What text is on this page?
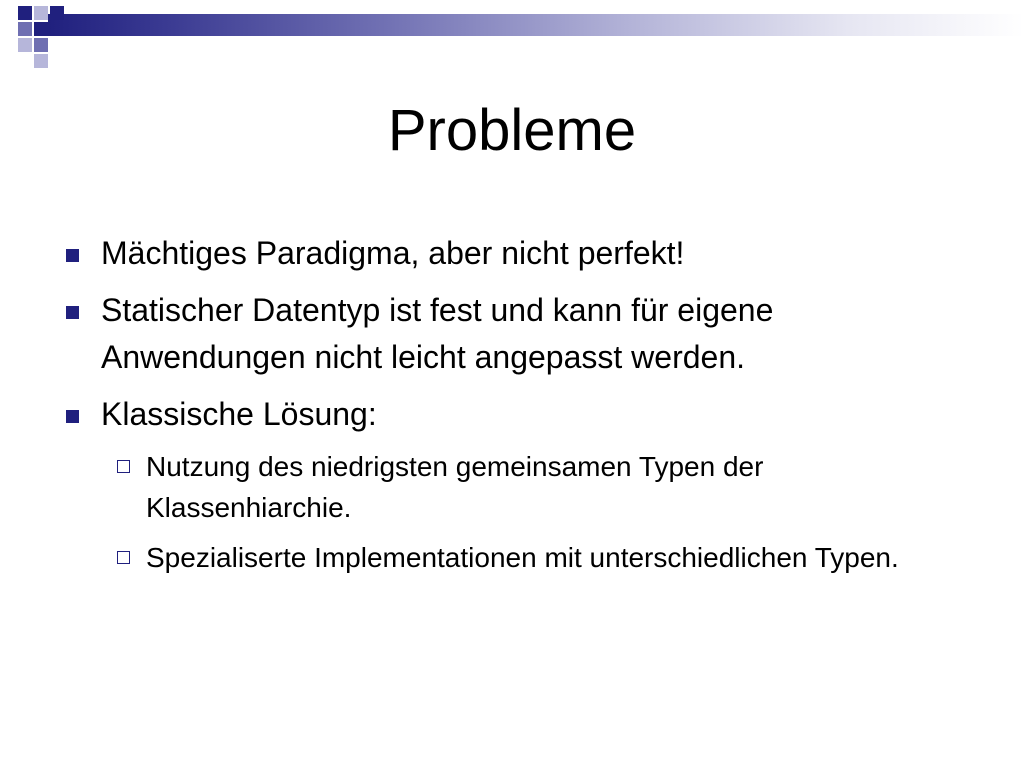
Probleme
Mächtiges Paradigma, aber nicht perfekt!
Statischer Datentyp ist fest und kann für eigene Anwendungen nicht leicht angepasst werden.
Klassische Lösung:
Nutzung des niedrigsten gemeinsamen Typen der Klassenhiarchie.
Spezialiserte Implementationen mit unterschiedlichen Typen.
